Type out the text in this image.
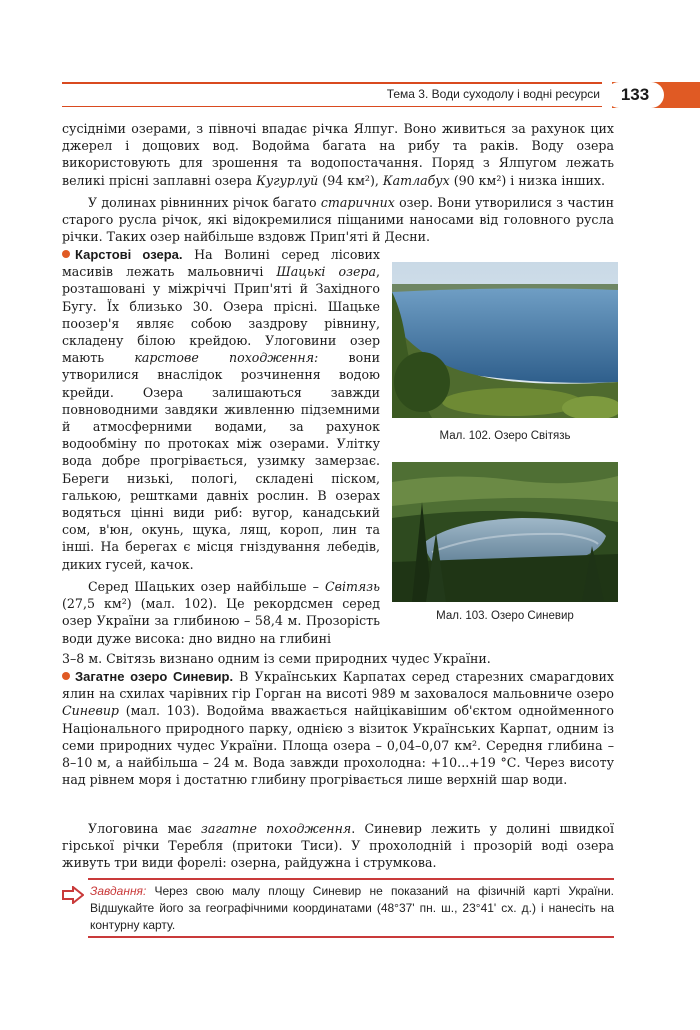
Тема 3. Води суходолу і водні ресурси	133

сусідніми озерами, з півночі впадає річка Ялпуг. Воно живиться за рахунок цих джерел і дощових вод. Водойма багата на рибу та раків. Воду озера використовують для зрошення та водопостачання. Поряд з Ялпугом лежать великі прісні заплавні озера Кугурлуй (94 км²), Катлабух (90 км²) і низка інших.

У долинах рівнинних річок багато старичних озер. Вони утворилися з частин старого русла річок, які відокремилися піщаними наносами від головного русла річки. Таких озер найбільше вздовж Прип'яті й Десни.

Карстові озера. На Волині серед лісових масивів лежать мальовничі Шацькі озера, розташовані у міжріччі Прип'яті й Західного Бугу. Їх близько 30. Озера прісні. Шацьке поозер'я являє собою заздрову рівнину, складену білою крейдою. Улоговини озер мають карстове походження: вони утворилися внаслідок розчинення водою крейди. Озера залишаються завжди повноводними завдяки живленню підземними й атмосферними водами, за рахунок водообміну по протоках між озерами. Улітку вода добре прогрівається, узимку замерзає. Береги низькі, пологі, складені піском, галькою, рештками давніх рослин. В озерах водяться цінні види риб: вугор, канадський сом, в'юн, окунь, щука, лящ, короп, лин та інші. На берегах є місця гніздування лебедів, диких гусей, качок.

Серед Шацьких озер найбільше – Світязь (27,5 км²) (мал. 102). Це рекордсмен серед озер України за глибиною – 58,4 м. Прозорість води дуже висока: дно видно на глибині

3–8 м. Світязь визнано одним із семи природних чудес України.

Мал. 102. Озеро Світязь
Мал. 103. Озеро Синевир

Загатне озеро Синевир. В Українських Карпатах серед старезних смарагдових ялин на схилах чарівних гір Горган на висоті 989 м заховалося мальовниче озеро Синевир (мал. 103). Водойма вважається найцікавішим об'єктом однойменного Національного природного парку, однією з візиток Українських Карпат, одним із семи природних чудес України. Площа озера – 0,04–0,07 км². Середня глибина – 8–10 м, а найбільша – 24 м. Вода завжди прохолодна: +10...+19 °С. Через висоту над рівнем моря і достатню глибину прогрівається лише верхній шар води.

Улоговина має загатне походження. Синевир лежить у долині швидкої гірської річки Теребля (притоки Тиси). У прохолодній і прозорій воді озера живуть три види форелі: озерна, райдужна і струмкова.

Завдання: Через свою малу площу Синевир не показаний на фізичній карті України. Відшукайте його за географічними координатами (48°37' пн. ш., 23°41' сх. д.) і нанесіть на контурну карту.
